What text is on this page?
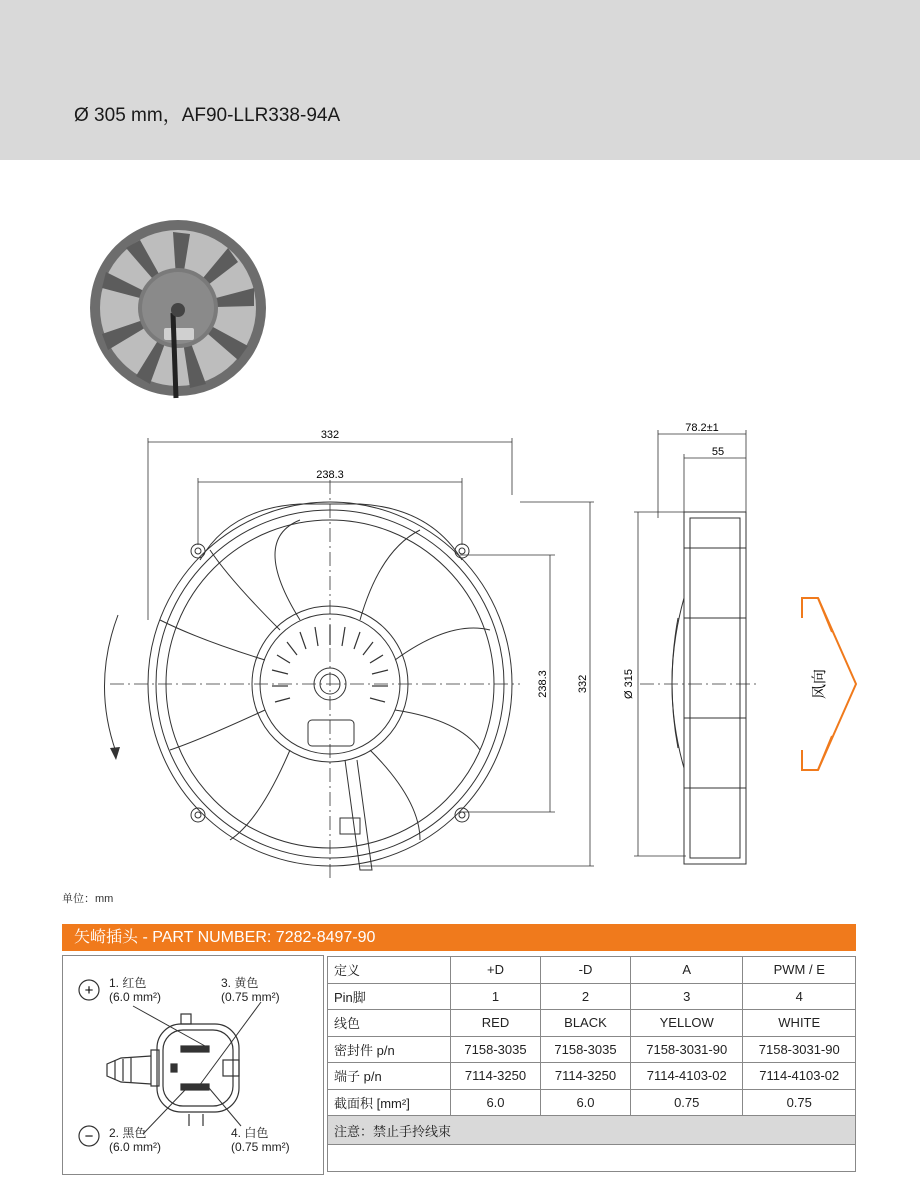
Ø 305 mm，AF90-LLR338-94A
332
238.3
238.3	332
78.2±1
55
Ø 315	风向
单位：mm
矢崎插头 - PART NUMBER: 7282-8497-90
+
−
1. 红色
(6.0 mm²)
3. 黄色
(0.75 mm²)
2. 黑色
(6.0 mm²)
4. 白色
(0.75 mm²)
定义	+D	-D	A	PWM / E
Pin脚	1	2	3	4
线色	RED	BLACK	YELLOW	WHITE
密封件 p/n	7158-3035	7158-3035	7158-3031-90	7158-3031-90
端子 p/n	7114-3250	7114-3250	7114-4103-02	7114-4103-02
截面积 [mm²]	6.0	6.0	0.75	0.75
注意：禁止手拎线束				
